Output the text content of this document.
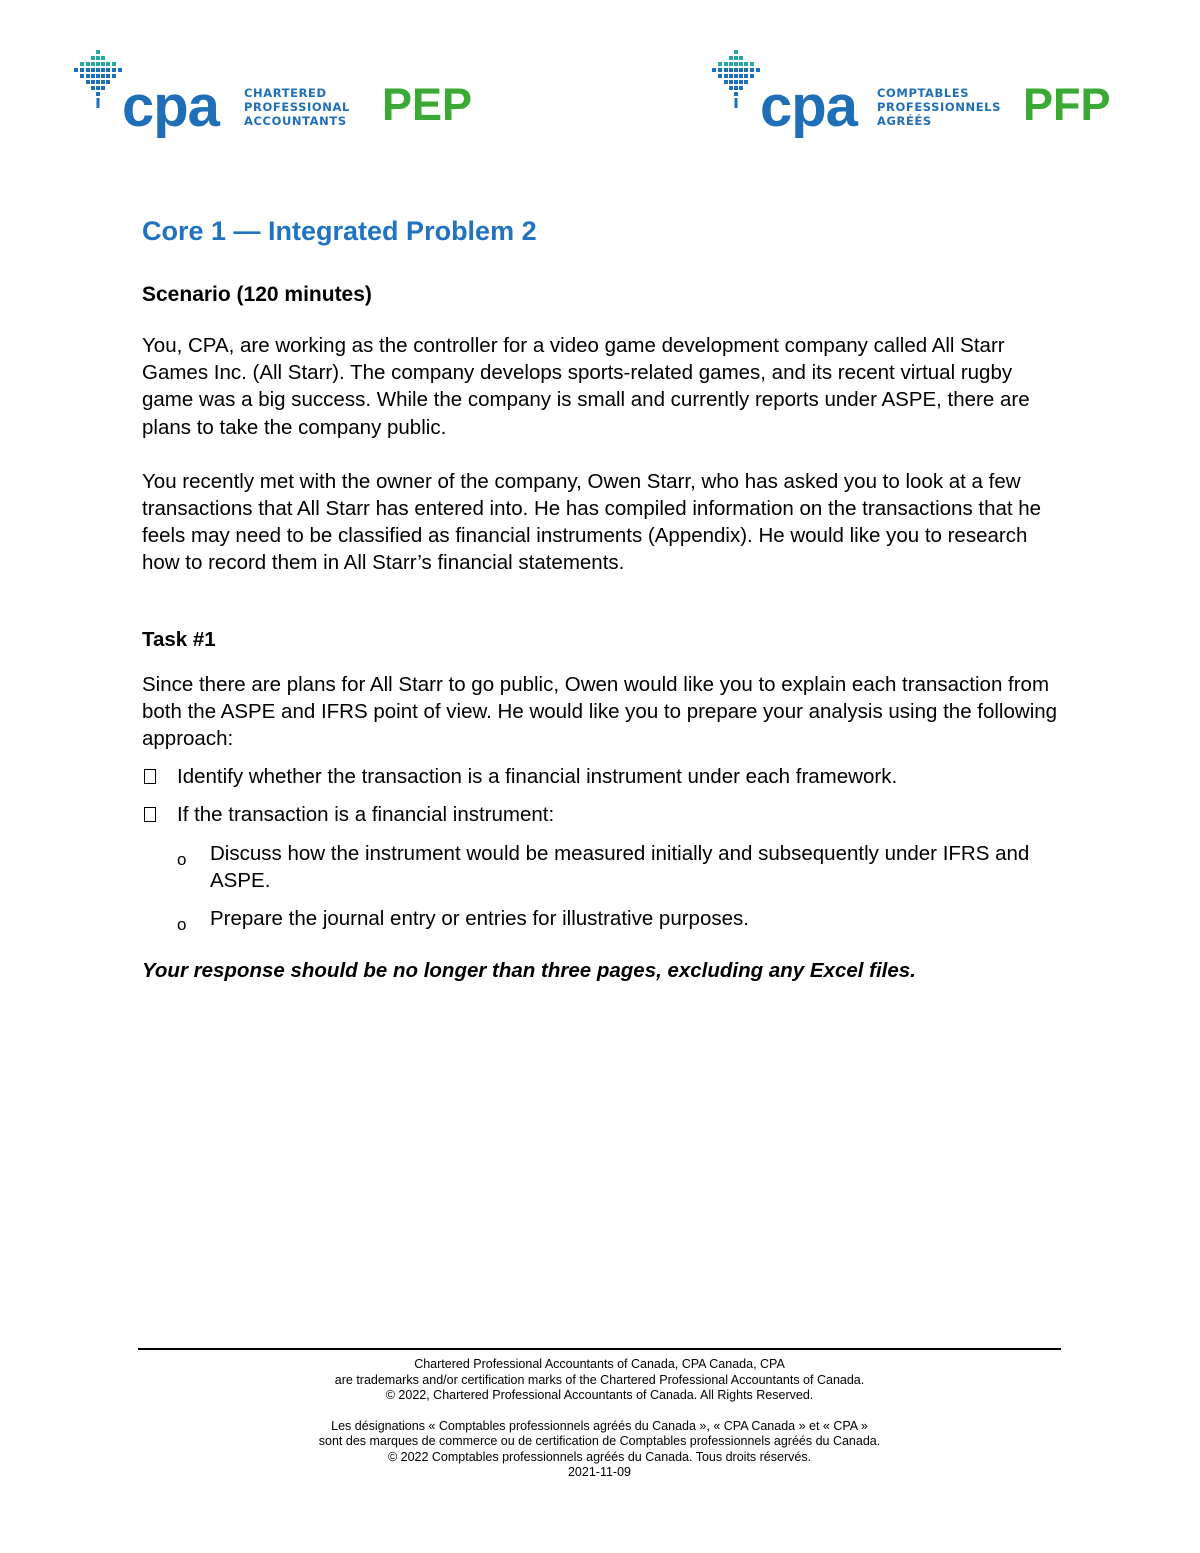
cpa CHARTERED
PROFESSIONAL
ACCOUNTANTS PEP	cpa COMPTABLES
PROFESSIONNELS
AGRÉÉS	PFP
Core 1 — Integrated Problem 2
Scenario (120 minutes)

You, CPA, are working as the controller for a video game development company called All Starr Games Inc. (All Starr). The company develops sports-related games, and its recent virtual rugby game was a big success. While the company is small and currently reports under ASPE, there are plans to take the company public.

You recently met with the owner of the company, Owen Starr, who has asked you to look at a few transactions that All Starr has entered into. He has compiled information on the transactions that he feels may need to be classified as financial instruments (Appendix). He would like you to research how to record them in All Starr’s financial statements.

Task #1

Since there are plans for All Starr to go public, Owen would like you to explain each transaction from both the ASPE and IFRS point of view. He would like you to prepare your analysis using the following approach:

Identify whether the transaction is a financial instrument under each framework.
If the transaction is a financial instrument:
o Discuss how the instrument would be measured initially and subsequently under IFRS and ASPE.
o Prepare the journal entry or entries for illustrative purposes.

Your response should be no longer than three pages, excluding any Excel files.

Chartered Professional Accountants of Canada, CPA Canada, CPA

are trademarks and/or certification marks of the Chartered Professional Accountants of Canada.

© 2022, Chartered Professional Accountants of Canada. All Rights Reserved.

Les désignations « Comptables professionnels agréés du Canada », « CPA Canada » et « CPA »

sont des marques de commerce ou de certification de Comptables professionnels agréés du Canada.

© 2022 Comptables professionnels agréés du Canada. Tous droits réservés.

2021-11-09
